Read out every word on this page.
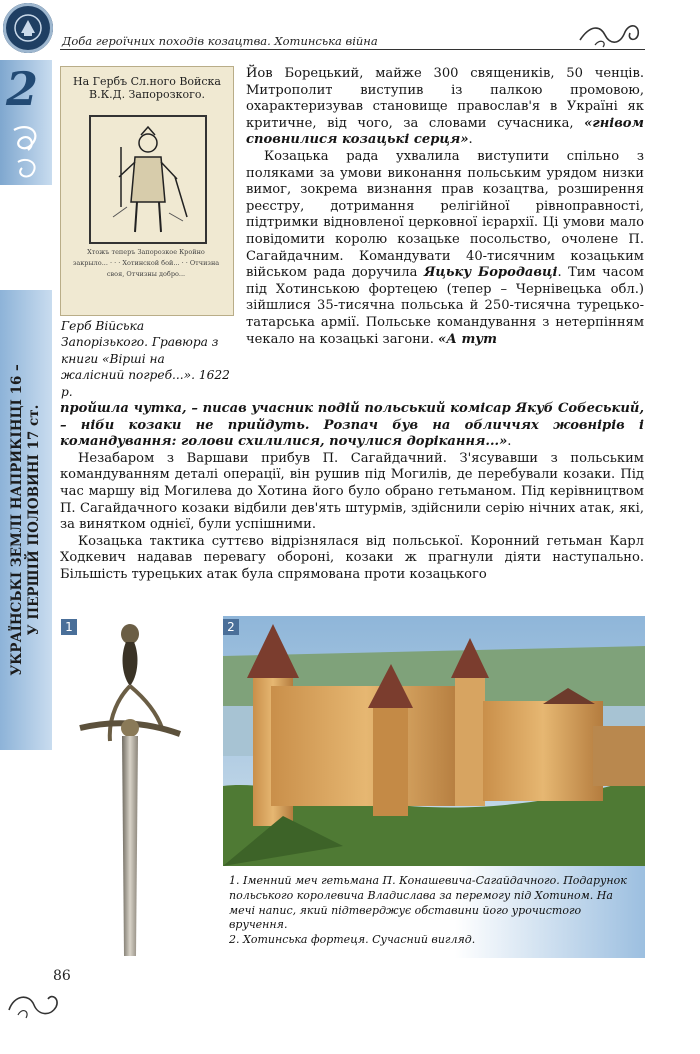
Доба героїчних походів козацтва. Хотинська війна
2
УКРАЇНСЬКІ ЗЕМЛІ НАПРИКІНЦІ 16 – У ПЕРШІЙ ПОЛОВИНІ 17 ст.
На Гербъ Сл.ного Войска В.К.Д. Запорозкого.
Хтожъ теперъ Запорозкое Кройно закрыло... · · · Хотинской бой... · · Отчизна своя, Отчизны добро...
Герб Війська Запорізького. Гравюра з книги «Вірші на жалісний погреб...». 1622 р.

Йов Борецький, майже 300 священиків, 50 ченців. Митрополит виступив із палкою промовою, охарактеризував становище православ'я в Україні як критичне, від чого, за словами сучасника, «гнівом сповнилися козацькі серця».

Козацька рада ухвалила виступити спільно з поляками за умови виконання польським урядом низки вимог, зокрема визнання прав козацтва, розширення реєстру, дотримання релігійної рівноправності, підтримки відновленої церковної ієрархії. Ці умови мало повідомити королю козацьке посольство, очолене П. Сагайдачним. Командувати 40-тисячним козацьким військом рада доручила Яцьку Бородавці. Тим часом під Хотинською фортецею (тепер – Чернівецька обл.) зійшлися 35-тисячна польська й 250-тисячна турецько-татарська армії. Польське командування з нетерпінням чекало на козацькі загони. «А тут

пройшла чутка, – писав учасник подій польський комісар Якуб Собеський, – ніби козаки не прийдуть. Розпач був на обличчях жовнірів і командування: голови схилилися, почулися дорікання...».

Незабаром з Варшави прибув П. Сагайдачний. З'ясувавши з польським командуванням деталі операції, він рушив під Могилів, де перебували козаки. Під час маршу від Могилева до Хотина його було обрано гетьманом. Під керівництвом П. Сагайдачного козаки відбили дев'ять штурмів, здійснили серію нічних атак, які, за винятком однієї, були успішними.

Козацька тактика суттєво відрізнялася від польської. Коронний гетьман Карл Ходкевич надавав перевагу обороні, козаки ж прагнули діяти наступально. Більшість турецьких атак була спрямована проти козацького

1	2
1. Іменний меч гетьмана П. Конашевича-Сагайдачного. Подарунок польського королевича Владислава за перемогу під Хотином. На мечі напис, який підтверджує обставини його урочистого вручення.
2. Хотинська фортеця. Сучасний вигляд.
86
